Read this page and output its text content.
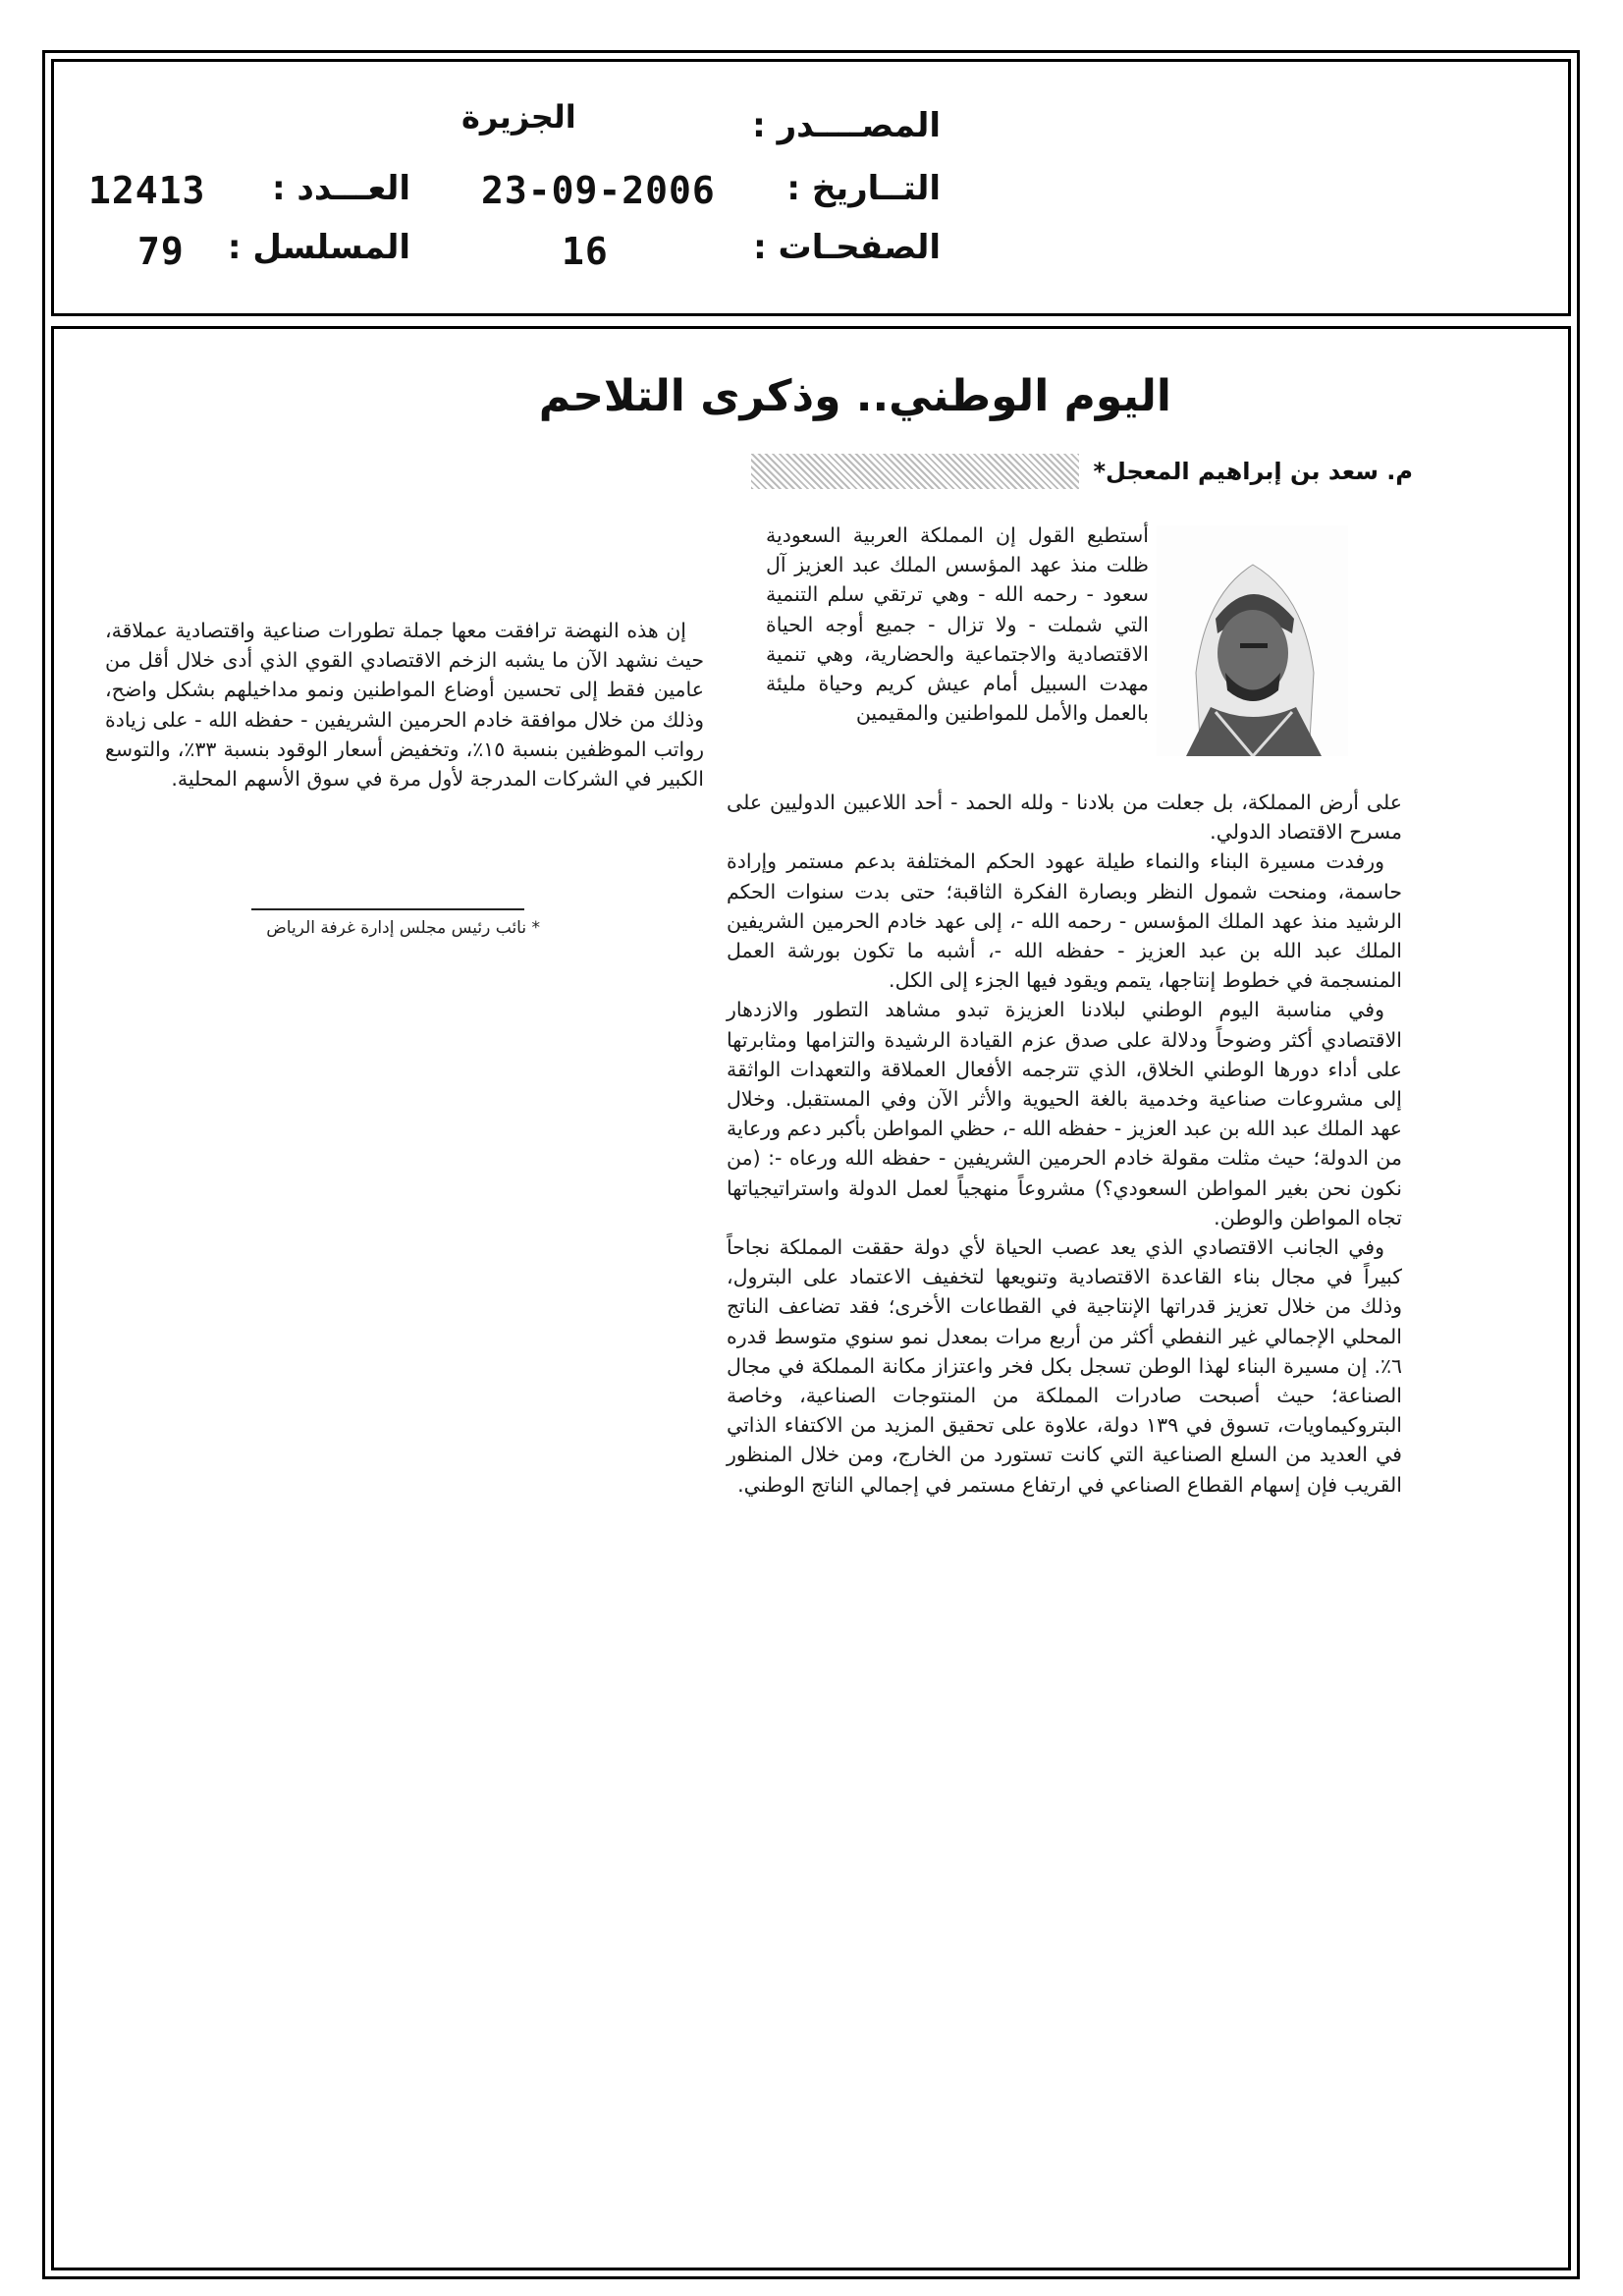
المصــــدر :
الجزيرة
التــاريخ :
23-09-2006
العـــدد :
12413
الصفحـات :
16
المسلسل :
79
اليوم الوطني.. وذكرى التلاحم
م. سعد بن إبراهيم المعجل*
أستطيع القول إن المملكة العربية السعودية ظلت منذ عهد المؤسس الملك عبد العزيز آل سعود - رحمه الله - وهي ترتقي سلم التنمية التي شملت - ولا تزال - جميع أوجه الحياة الاقتصادية والاجتماعية والحضارية، وهي تنمية مهدت السبيل أمام عيش كريم وحياة مليئة بالعمل والأمل للمواطنين والمقيمين

على أرض المملكة، بل جعلت من بلادنا - ولله الحمد - أحد اللاعبين الدوليين على مسرح الاقتصاد الدولي.

ورفدت مسيرة البناء والنماء طيلة عهود الحكم المختلفة بدعم مستمر وإرادة حاسمة، ومنحت شمول النظر وبصارة الفكرة الثاقبة؛ حتى بدت سنوات الحكم الرشيد منذ عهد الملك المؤسس - رحمه الله -، إلى عهد خادم الحرمين الشريفين الملك عبد الله بن عبد العزيز - حفظه الله -، أشبه ما تكون بورشة العمل المنسجمة في خطوط إنتاجها، يتمم ويقود فيها الجزء إلى الكل.

وفي مناسبة اليوم الوطني لبلادنا العزيزة تبدو مشاهد التطور والازدهار الاقتصادي أكثر وضوحاً ودلالة على صدق عزم القيادة الرشيدة والتزامها ومثابرتها على أداء دورها الوطني الخلاق، الذي تترجمه الأفعال العملاقة والتعهدات الواثقة إلى مشروعات صناعية وخدمية بالغة الحيوية والأثر الآن وفي المستقبل. وخلال عهد الملك عبد الله بن عبد العزيز - حفظه الله -، حظي المواطن بأكبر دعم ورعاية من الدولة؛ حيث مثلت مقولة خادم الحرمين الشريفين - حفظه الله ورعاه -: (من نكون نحن بغير المواطن السعودي؟) مشروعاً منهجياً لعمل الدولة واستراتيجياتها تجاه المواطن والوطن.

وفي الجانب الاقتصادي الذي يعد عصب الحياة لأي دولة حققت المملكة نجاحاً كبيراً في مجال بناء القاعدة الاقتصادية وتنويعها لتخفيف الاعتماد على البترول، وذلك من خلال تعزيز قدراتها الإنتاجية في القطاعات الأخرى؛ فقد تضاعف الناتج المحلي الإجمالي غير النفطي أكثر من أربع مرات بمعدل نمو سنوي متوسط قدره ٦٪. إن مسيرة البناء لهذا الوطن تسجل بكل فخر واعتزاز مكانة المملكة في مجال الصناعة؛ حيث أصبحت صادرات المملكة من المنتوجات الصناعية، وخاصة البتروكيماويات، تسوق في ١٣٩ دولة، علاوة على تحقيق المزيد من الاكتفاء الذاتي في العديد من السلع الصناعية التي كانت تستورد من الخارج، ومن خلال المنظور القريب فإن إسهام القطاع الصناعي في ارتفاع مستمر في إجمالي الناتج الوطني.

إن هذه النهضة ترافقت معها جملة تطورات صناعية واقتصادية عملاقة، حيث نشهد الآن ما يشبه الزخم الاقتصادي القوي الذي أدى خلال أقل من عامين فقط إلى تحسين أوضاع المواطنين ونمو مداخيلهم بشكل واضح، وذلك من خلال موافقة خادم الحرمين الشريفين - حفظه الله - على زيادة رواتب الموظفين بنسبة ١٥٪، وتخفيض أسعار الوقود بنسبة ٣٣٪، والتوسع الكبير في الشركات المدرجة لأول مرة في سوق الأسهم المحلية.

* نائب رئيس مجلس إدارة غرفة الرياض
